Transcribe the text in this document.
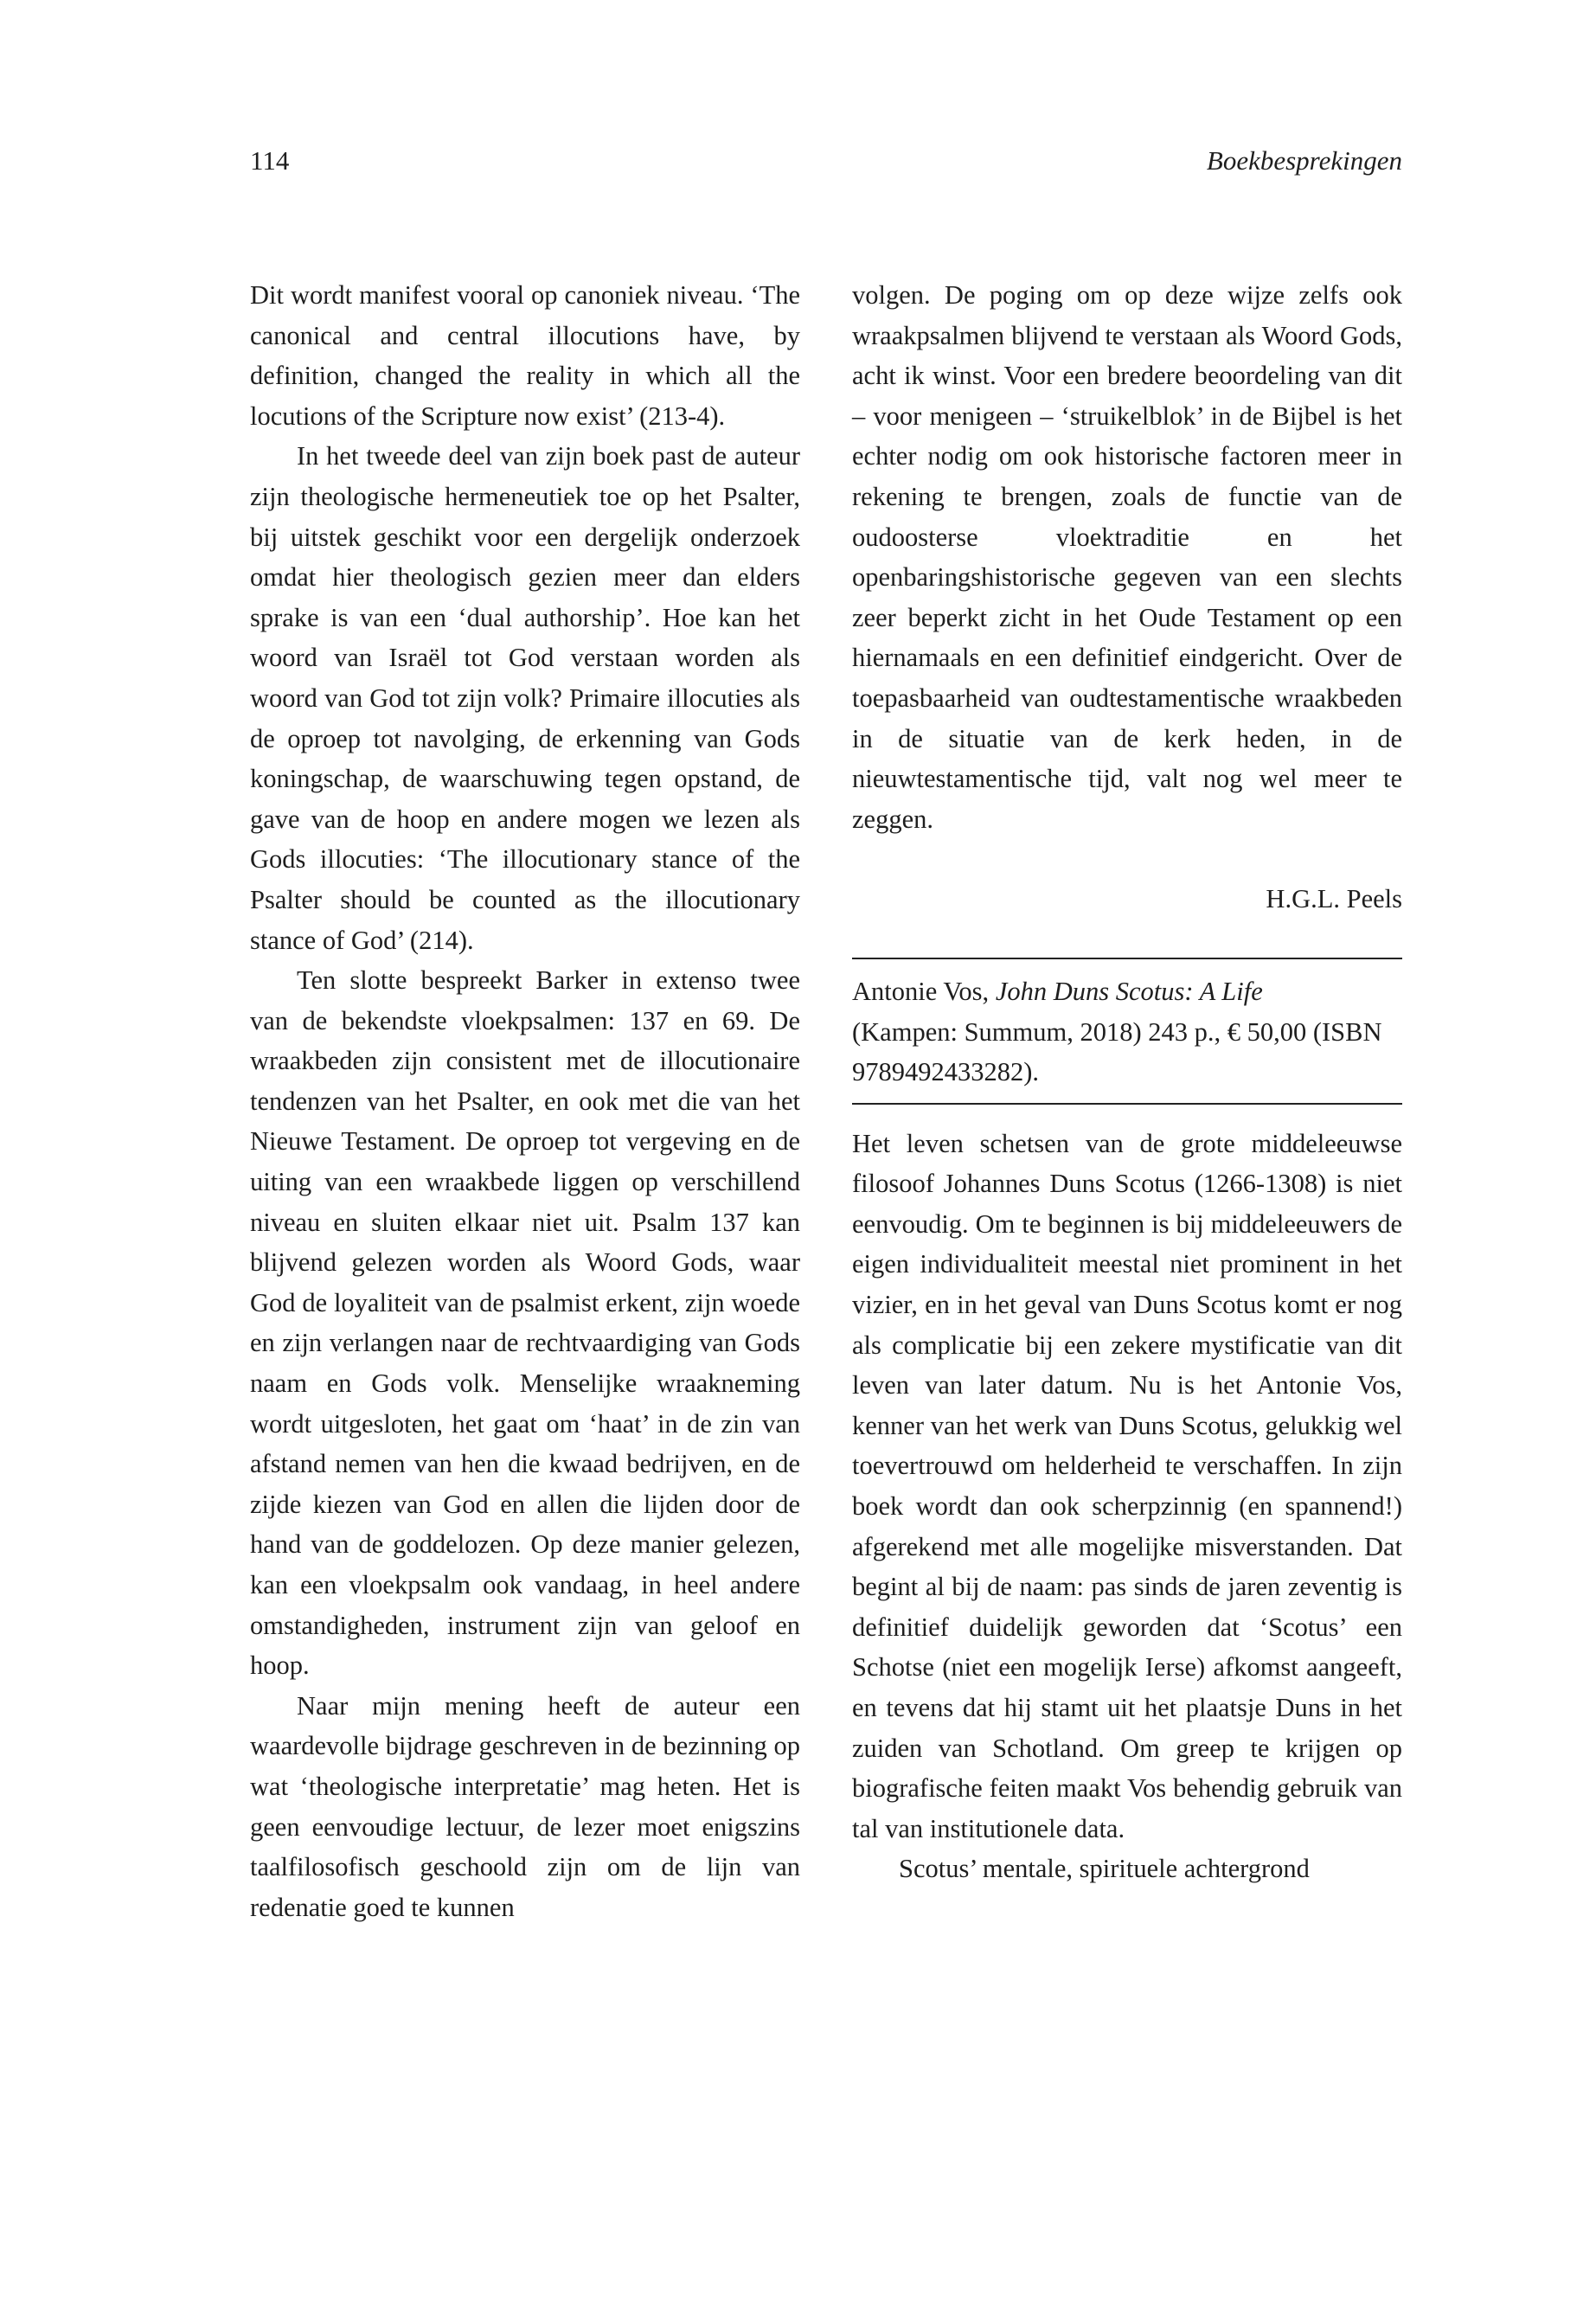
114	Boekbesprekingen

Dit wordt manifest vooral op canoniek niveau. ‘The canonical and central illocutions have, by definition, changed the reality in which all the locutions of the Scripture now exist’ (213-4).

In het tweede deel van zijn boek past de auteur zijn theologische hermeneutiek toe op het Psalter, bij uitstek geschikt voor een dergelijk onderzoek omdat hier theologisch gezien meer dan elders sprake is van een ‘dual authorship’. Hoe kan het woord van Israël tot God verstaan worden als woord van God tot zijn volk? Primaire illocuties als de oproep tot navolging, de erkenning van Gods koningschap, de waarschuwing tegen opstand, de gave van de hoop en andere mogen we lezen als Gods illocuties: ‘The illocutionary stance of the Psalter should be counted as the illocutionary stance of God’ (214).

Ten slotte bespreekt Barker in extenso twee van de bekendste vloekpsalmen: 137 en 69. De wraakbeden zijn consistent met de illocutionaire tendenzen van het Psalter, en ook met die van het Nieuwe Testament. De oproep tot vergeving en de uiting van een wraakbede liggen op verschillend niveau en sluiten elkaar niet uit. Psalm 137 kan blijvend gelezen worden als Woord Gods, waar God de loyaliteit van de psalmist erkent, zijn woede en zijn verlangen naar de rechtvaardiging van Gods naam en Gods volk. Menselijke wraakneming wordt uitgesloten, het gaat om ‘haat’ in de zin van afstand nemen van hen die kwaad bedrijven, en de zijde kiezen van God en allen die lijden door de hand van de goddelozen. Op deze manier gelezen, kan een vloekpsalm ook vandaag, in heel andere omstandigheden, instrument zijn van geloof en hoop.

Naar mijn mening heeft de auteur een waardevolle bijdrage geschreven in de bezinning op wat ‘theologische interpretatie’ mag heten. Het is geen eenvoudige lectuur, de lezer moet enigszins taalfilosofisch geschoold zijn om de lijn van redenatie goed te kunnen

volgen. De poging om op deze wijze zelfs ook wraakpsalmen blijvend te verstaan als Woord Gods, acht ik winst. Voor een bredere beoordeling van dit – voor menigeen – ‘struikelblok’ in de Bijbel is het echter nodig om ook historische factoren meer in rekening te brengen, zoals de functie van de oudoosterse vloektraditie en het openbaringshistorische gegeven van een slechts zeer beperkt zicht in het Oude Testament op een hiernamaals en een definitief eindgericht. Over de toepasbaarheid van oudtestamentische wraakbeden in de situatie van de kerk heden, in de nieuwtestamentische tijd, valt nog wel meer te zeggen.

H.G.L. Peels

Antonie Vos, John Duns Scotus: A Life
(Kampen: Summum, 2018) 243 p., € 50,00 (ISBN 9789492433282).

Het leven schetsen van de grote middeleeuwse filosoof Johannes Duns Scotus (1266-1308) is niet eenvoudig. Om te beginnen is bij middeleeuwers de eigen individualiteit meestal niet prominent in het vizier, en in het geval van Duns Scotus komt er nog als complicatie bij een zekere mystificatie van dit leven van later datum. Nu is het Antonie Vos, kenner van het werk van Duns Scotus, gelukkig wel toevertrouwd om helderheid te verschaffen. In zijn boek wordt dan ook scherpzinnig (en spannend!) afgerekend met alle mogelijke misverstanden. Dat begint al bij de naam: pas sinds de jaren zeventig is definitief duidelijk geworden dat ‘Scotus’ een Schotse (niet een mogelijk Ierse) afkomst aangeeft, en tevens dat hij stamt uit het plaatsje Duns in het zuiden van Schotland. Om greep te krijgen op biografische feiten maakt Vos behendig gebruik van tal van institutionele data.

Scotus’ mentale, spirituele achtergrond
